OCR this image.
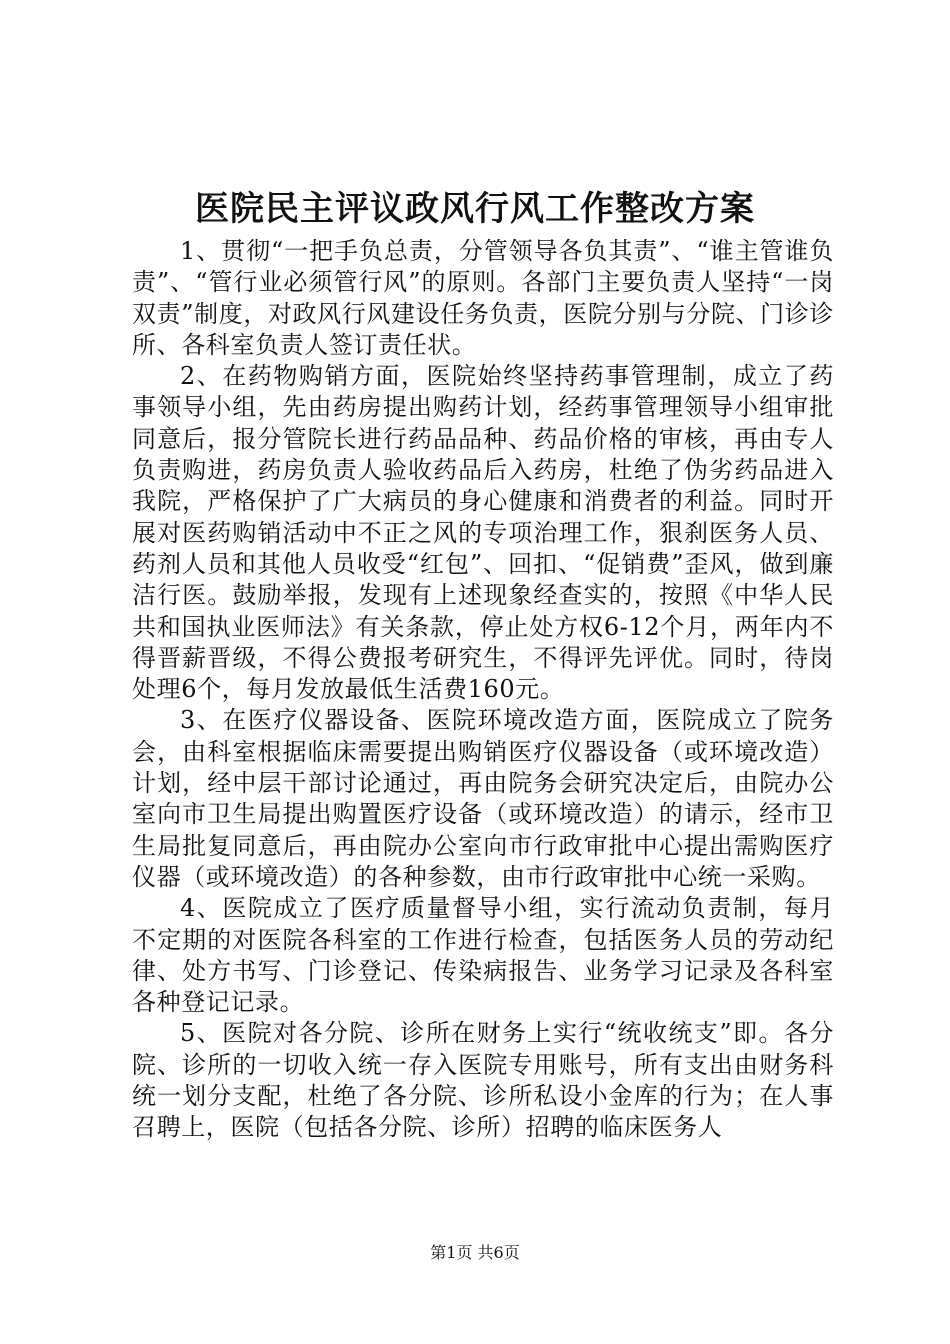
医院民主评议政风行风工作整改方案

1、贯彻“一把手负总责，分管领导各负其责”、“谁主管谁负责”、“管行业必须管行风”的原则。各部门主要负责人坚持“一岗双责”制度，对政风行风建设任务负责，医院分别与分院、门诊诊所、各科室负责人签订责任状。

2、在药物购销方面，医院始终坚持药事管理制，成立了药事领导小组，先由药房提出购药计划，经药事管理领导小组审批同意后，报分管院长进行药品品种、药品价格的审核，再由专人负责购进，药房负责人验收药品后入药房，杜绝了伪劣药品进入我院，严格保护了广大病员的身心健康和消费者的利益。同时开展对医药购销活动中不正之风的专项治理工作，狠刹医务人员、药剂人员和其他人员收受“红包”、回扣、“促销费”歪风，做到廉洁行医。鼓励举报，发现有上述现象经查实的，按照《中华人民共和国执业医师法》有关条款，停止处方权6-12个月，两年内不得晋薪晋级，不得公费报考研究生，不得评先评优。同时，待岗处理6个，每月发放最低生活费160元。

3、在医疗仪器设备、医院环境改造方面，医院成立了院务会，由科室根据临床需要提出购销医疗仪器设备（或环境改造）计划，经中层干部讨论通过，再由院务会研究决定后，由院办公室向市卫生局提出购置医疗设备（或环境改造）的请示，经市卫生局批复同意后，再由院办公室向市行政审批中心提出需购医疗仪器（或环境改造）的各种参数，由市行政审批中心统一采购。

4、医院成立了医疗质量督导小组，实行流动负责制，每月不定期的对医院各科室的工作进行检查，包括医务人员的劳动纪律、处方书写、门诊登记、传染病报告、业务学习记录及各科室各种登记记录。

5、医院对各分院、诊所在财务上实行“统收统支”即。各分院、诊所的一切收入统一存入医院专用账号，所有支出由财务科统一划分支配，杜绝了各分院、诊所私设小金库的行为；在人事召聘上，医院（包括各分院、诊所）招聘的临床医务人

第1页 共6页
